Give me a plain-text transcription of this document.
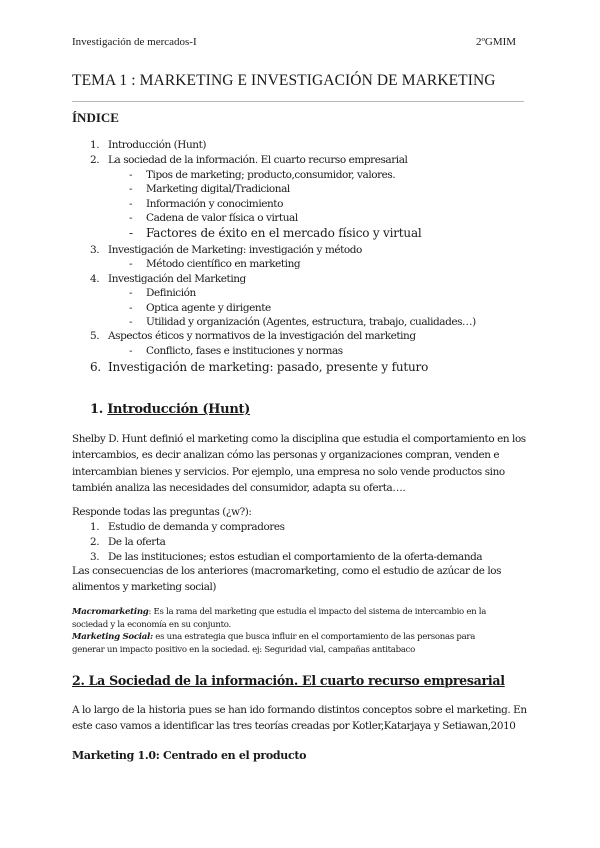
Investigación de mercados-I	2ºGMIM
TEMA 1 : MARKETING E INVESTIGACIÓN DE MARKETING
ÍNDICE
1. Introducción (Hunt)
2. La sociedad de la información. El cuarto recurso empresarial
- Tipos de marketing; producto,consumidor, valores.
- Marketing digital/Tradicional
- Información y conocimiento
- Cadena de valor física o virtual
- Factores de éxito en el mercado físico y virtual
3. Investigación de Marketing: investigación y método
- Método científico en marketing
4. Investigación del Marketing
- Definición
- Optica agente y dirigente
- Utilidad y organización (Agentes, estructura, trabajo, cualidades…)
5. Aspectos éticos y normativos de la investigación del marketing
- Conflicto, fases e instituciones y normas
6. Investigación de marketing: pasado, presente y futuro
1. Introducción (Hunt)

Shelby D. Hunt definió el marketing como la disciplina que estudia el comportamiento en los

intercambios, es decir analizan cómo las personas y organizaciones compran, venden e

intercambian bienes y servicios. Por ejemplo, una empresa no solo vende productos sino

también analiza las necesidades del consumidor, adapta su oferta….

Responde todas las preguntas (¿w?):
1. Estudio de demanda y compradores
2. De la oferta
3. De las instituciones; estos estudian el comportamiento de la oferta-demanda

Las consecuencias de los anteriores (macromarketing, como el estudio de azúcar de los

alimentos y marketing social)

Macromarketing: Es la rama del marketing que estudia el impacto del sistema de intercambio en la

sociedad y la economía en su conjunto.

Marketing Social: es una estrategia que busca influir en el comportamiento de las personas para

generar un impacto positivo en la sociedad. ej: Seguridad vial, campañas antitabaco

2. La Sociedad de la información. El cuarto recurso empresarial

A lo largo de la historia pues se han ido formando distintos conceptos sobre el marketing. En

este caso vamos a identificar las tres teorías creadas por Kotler,Katarjaya y Setiawan,2010

Marketing 1.0: Centrado en el producto
